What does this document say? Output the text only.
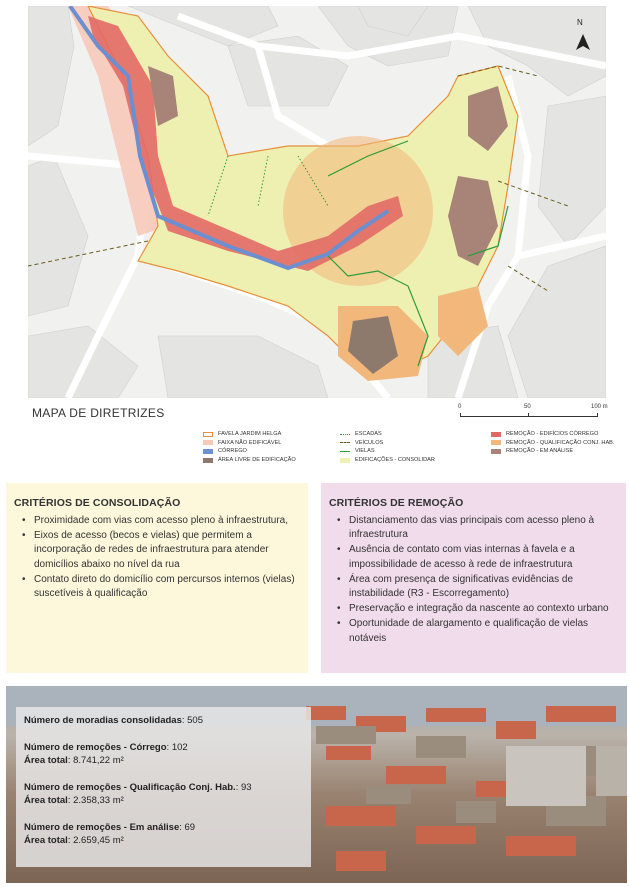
N
MAPA DE DIRETRIZES	0	50	100 m
FAVELA JARDIM HELGA
FAIXA NÃO EDIFICÁVEL
CÓRREGO
ÁREA LIVRE DE EDIFICAÇÃO
ESCADAS
VEÍCULOS
VIELAS
EDIFICAÇÕES - CONSOLIDAR
REMOÇÃO - EDIFÍCIOS CÓRREGO
REMOÇÃO - QUALIFICAÇÃO CONJ. HAB.
REMOÇÃO - EM ANÁLISE
CRITÉRIOS DE CONSOLIDAÇÃO
• Proximidade com vias com acesso pleno à infraestrutura,
• Eixos de acesso (becos e vielas) que permitem a incorporação de redes de infraestrutura para atender domicílios abaixo no nível da rua
• Contato direto do domicílio com percursos internos (vielas) suscetíveis à qualificação
CRITÉRIOS DE REMOÇÃO
• Distanciamento das vias principais com acesso pleno à infraestrutura
• Ausência de contato com vias internas à favela e a impossibilidade de acesso à rede de infraestrutura
• Área com presença de significativas evidências de instabilidade (R3 - Escorregamento)
• Preservação e integração da nascente ao contexto urbano
• Oportunidade de alargamento e qualificação de vielas notáveis
Número de moradias consolidadas: 505
Número de remoções - Córrego: 102
Área total: 8.741,22 m²
Número de remoções - Qualificação Conj. Hab.: 93
Área total: 2.358,33 m²
Número de remoções - Em análise: 69
Área total: 2.659,45 m²
